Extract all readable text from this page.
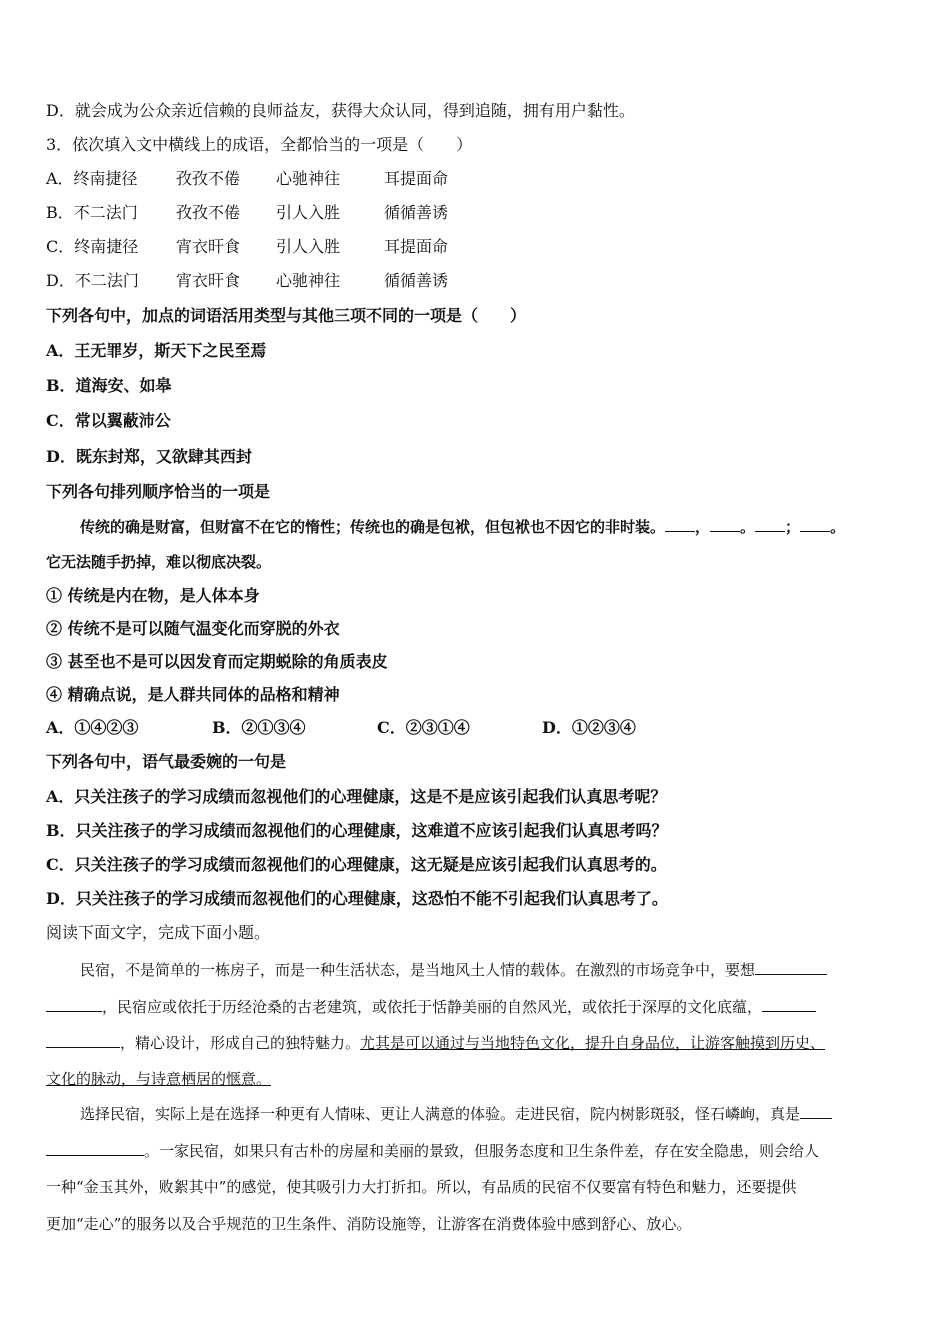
D．就会成为公众亲近信赖的良师益友，获得大众认同，得到追随，拥有用户黏性。
3．依次填入文中横线上的成语，全都恰当的一项是（　　）
A．终南捷径 孜孜不倦 心驰神往	耳提面命
B．不二法门 孜孜不倦 引人入胜	循循善诱
C．终南捷径 宵衣旰食 引人入胜	耳提面命
D．不二法门 宵衣旰食 心驰神往	循循善诱
下列各句中，加点的词语活用类型与其他三项不同的一项是（　　）
A．王无罪岁，斯天下之民至焉
B．道海安、如皋
C．常以翼蔽沛公
D．既东封郑，又欲肆其西封
下列各句排列顺序恰当的一项是
传统的确是财富，但财富不在它的惰性；传统也的确是包袱，但包袱也不因它的非时装。 ， 。 ； 。
它无法随手扔掉，难以彻底决裂。
① 传统是内在物，是人体本身
② 传统不是可以随气温变化而穿脱的外衣
③ 甚至也不是可以因发育而定期蜕除的角质表皮
④ 精确点说，是人群共同体的品格和精神
A．①④②③	B．②①③④	C．②③①④	D．①②③④
下列各句中，语气最委婉的一句是
A．只关注孩子的学习成绩而忽视他们的心理健康，这是不是应该引起我们认真思考呢？
B．只关注孩子的学习成绩而忽视他们的心理健康，这难道不应该引起我们认真思考吗？
C．只关注孩子的学习成绩而忽视他们的心理健康，这无疑是应该引起我们认真思考的。
D．只关注孩子的学习成绩而忽视他们的心理健康，这恐怕不能不引起我们认真思考了。
阅读下面文字，完成下面小题。
民宿，不是简单的一栋房子，而是一种生活状态，是当地风土人情的载体。在激烈的市场竞争中，要想
，民宿应或依托于历经沧桑的古老建筑，或依托于恬静美丽的自然风光，或依托于深厚的文化底蕴，
，精心设计，形成自己的独特魅力。尤其是可以通过与当地特色文化，提升自身品位，让游客触摸到历史、
文化的脉动，与诗意栖居的惬意。
选择民宿，实际上是在选择一种更有人情味、更让人满意的体验。走进民宿，院内树影斑驳，怪石嶙峋，真是
。一家民宿，如果只有古朴的房屋和美丽的景致，但服务态度和卫生条件差，存在安全隐患，则会给人
一种“金玉其外，败絮其中”的感觉，使其吸引力大打折扣。所以，有品质的民宿不仅要富有特色和魅力，还要提供
更加“走心”的服务以及合乎规范的卫生条件、消防设施等，让游客在消费体验中感到舒心、放心。
